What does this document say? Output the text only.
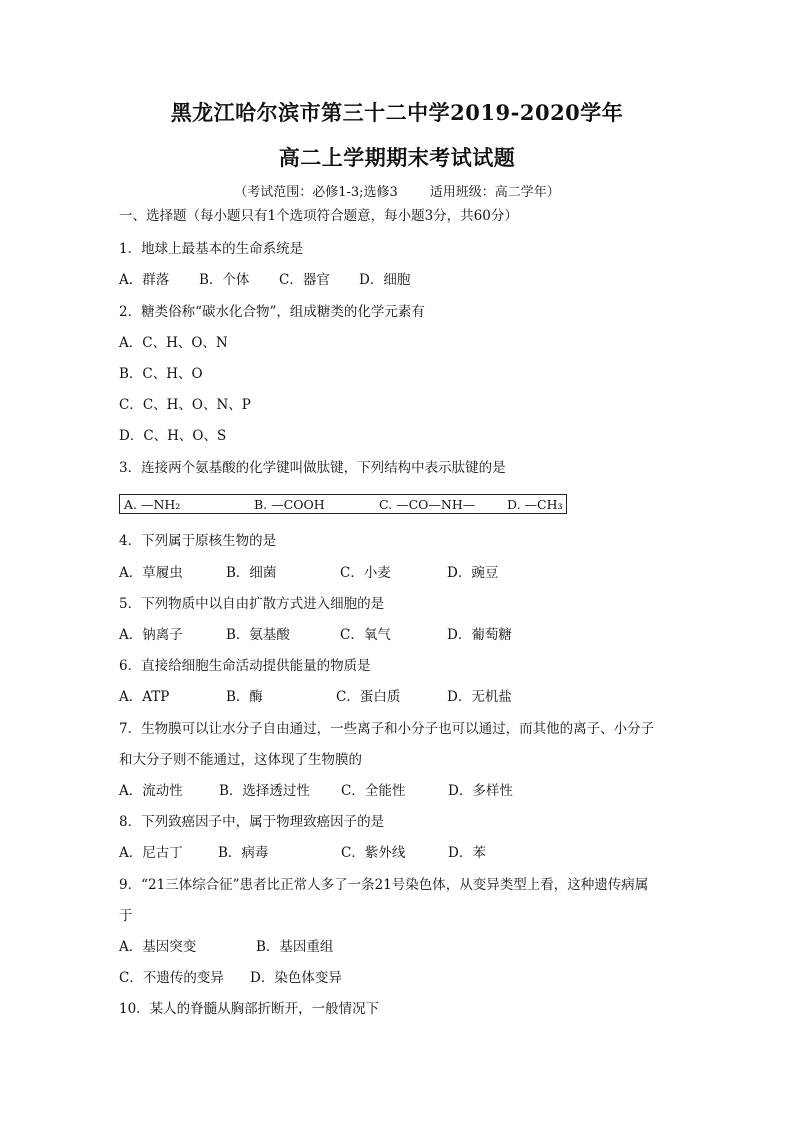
黑龙江哈尔滨市第三十二中学2019-2020学年
高二上学期期末考试试题
（考试范围：必修1-3;选修3 适用班级：高二学年）
一、选择题（每小题只有1个选项符合题意，每小题3分，共60分）
1．地球上最基本的生命系统是
A．群落	B．个体	C．器官	D．细胞
2．糖类俗称“碳水化合物”，组成糖类的化学元素有
A．C、H、O、N
B．C、H、O
C．C、H、O、N、P
D．C、H、O、S
3．连接两个氨基酸的化学键叫做肽键，下列结构中表示肽键的是
A. —NH₂	B. —COOH	C. —CO—NH—	D. —CH₃
4．下列属于原核生物的是
A．草履虫	B．细菌	C．小麦	D．豌豆
5．下列物质中以自由扩散方式进入细胞的是
A．钠离子	B．氨基酸	C．氧气	D．葡萄糖
6．直接给细胞生命活动提供能量的物质是
A．ATP	B．酶	C．蛋白质	D．无机盐
7．生物膜可以让水分子自由通过，一些离子和小分子也可以通过，而其他的离子、小分子
和大分子则不能通过，这体现了生物膜的
A．流动性	B．选择透过性	C．全能性	D．多样性
8．下列致癌因子中，属于物理致癌因子的是
A．尼古丁	B．病毒	C．紫外线	D．苯
9．“21三体综合征”患者比正常人多了一条21号染色体，从变异类型上看，这种遗传病属
于
A．基因突变	B．基因重组
C．不遗传的变异	D．染色体变异
10．某人的脊髓从胸部折断开，一般情况下
